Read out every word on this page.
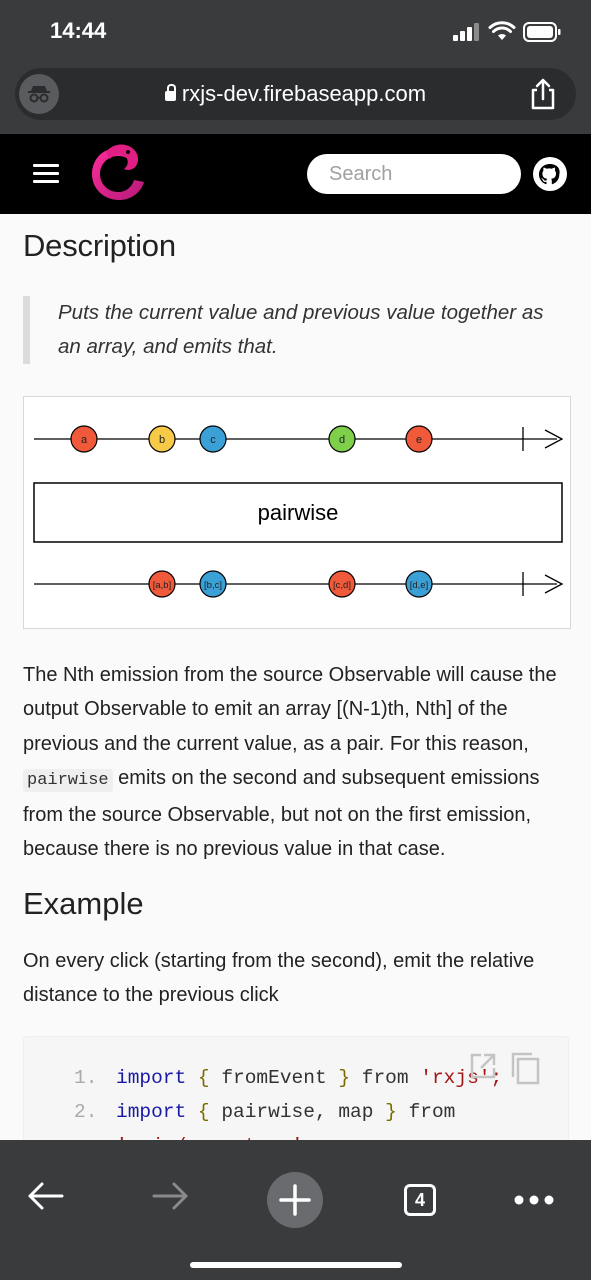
14:44
rxjs-dev.firebaseapp.com
Search
Description
Puts the current value and previous value together as an array, and emits that.
a	b	c	d	e
pairwise
[a,b]	[b,c]	[c,d]	[d,e]

The Nth emission from the source Observable will cause the output Observable to emit an array [(N-1)th, Nth] of the previous and the current value, as a pair. For this reason, pairwise emits on the second and subsequent emissions from the source Observable, but not on the first emission, because there is no previous value in that case.

Example

On every click (starting from the second), emit the relative distance to the previous click

1. import { fromEvent } from 'rxjs';
2. import { pairwise, map } from
4
